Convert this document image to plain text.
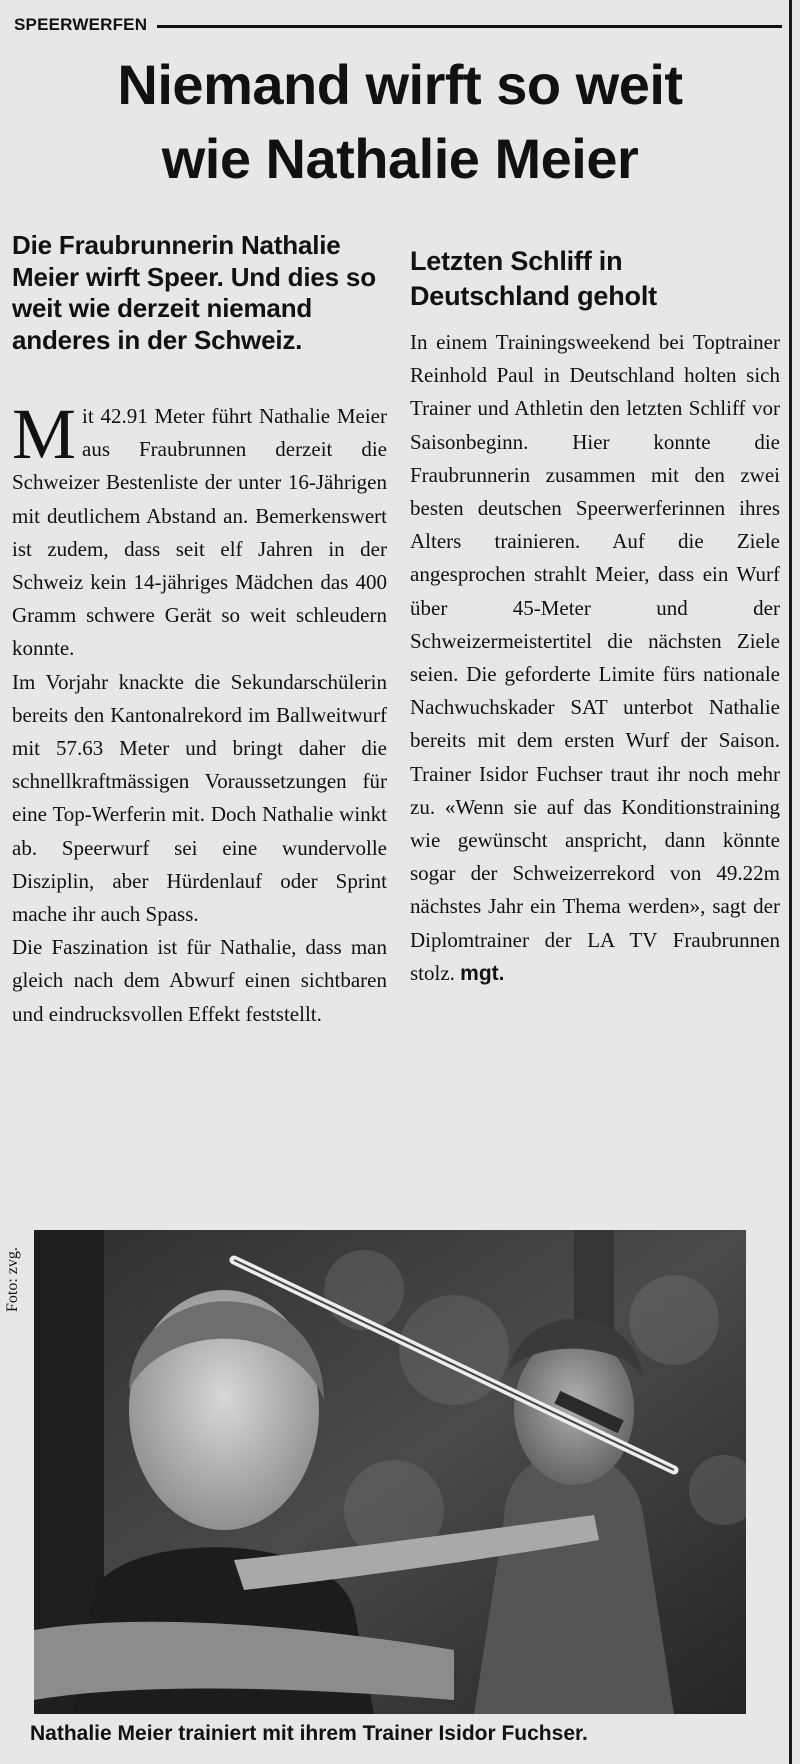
SPEERWERFEN
Niemand wirft so weit
wie Nathalie Meier

Die Fraubrunnerin Nathalie Meier wirft Speer. Und dies so weit wie derzeit niemand anderes in der Schweiz.

Mit 42.91 Meter führt Nathalie Meier aus Fraubrunnen derzeit die Schweizer Bestenliste der unter 16-Jährigen mit deutlichem Abstand an. Bemerkenswert ist zudem, dass seit elf Jahren in der Schweiz kein 14-jähriges Mädchen das 400 Gramm schwere Gerät so weit schleudern konnte.

Im Vorjahr knackte die Sekundarschülerin bereits den Kantonalrekord im Ballweitwurf mit 57.63 Meter und bringt daher die schnellkraftmässigen Voraussetzungen für eine Top-Werferin mit. Doch Nathalie winkt ab. Speerwurf sei eine wundervolle Disziplin, aber Hürdenlauf oder Sprint mache ihr auch Spass.

Die Faszination ist für Nathalie, dass man gleich nach dem Abwurf einen sichtbaren und eindrucksvollen Effekt feststellt.

Letzten Schliff in Deutschland geholt

In einem Trainingsweekend bei Toptrainer Reinhold Paul in Deutschland holten sich Trainer und Athletin den letzten Schliff vor Saisonbeginn. Hier konnte die Fraubrunnerin zusammen mit den zwei besten deutschen Speerwerferinnen ihres Alters trainieren. Auf die Ziele angesprochen strahlt Meier, dass ein Wurf über 45-Meter und der Schweizermeistertitel die nächsten Ziele seien. Die geforderte Limite fürs nationale Nachwuchskader SAT unterbot Nathalie bereits mit dem ersten Wurf der Saison. Trainer Isidor Fuchser traut ihr noch mehr zu. «Wenn sie auf das Konditionstraining wie gewünscht anspricht, dann könnte sogar der Schweizerrekord von 49.22m nächstes Jahr ein Thema werden», sagt der Diplomtrainer der LA TV Fraubrunnen stolz. mgt.

Foto: zvg.
Nathalie Meier trainiert mit ihrem Trainer Isidor Fuchser.
